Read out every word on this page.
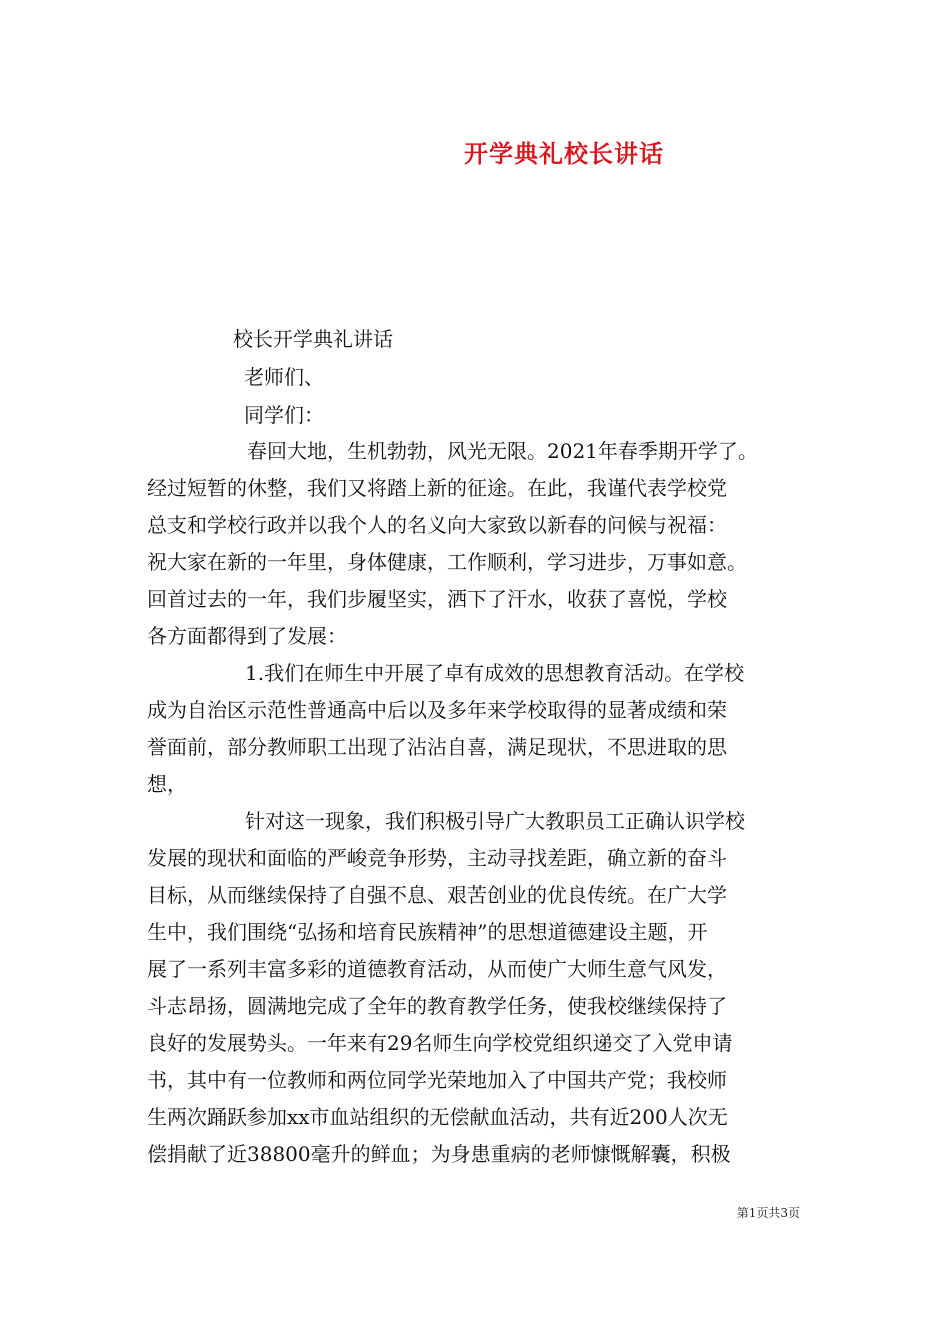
开学典礼校长讲话
校长开学典礼讲话
老师们、
同学们：
春回大地，生机勃勃，风光无限。2021年春季期开学了。
经过短暂的休整，我们又将踏上新的征途。在此，我谨代表学校党
总支和学校行政并以我个人的名义向大家致以新春的问候与祝福：
祝大家在新的一年里，身体健康，工作顺利，学习进步，万事如意。
回首过去的一年，我们步履坚实，洒下了汗水，收获了喜悦，学校
各方面都得到了发展：
1.我们在师生中开展了卓有成效的思想教育活动。在学校
成为自治区示范性普通高中后以及多年来学校取得的显著成绩和荣
誉面前，部分教师职工出现了沾沾自喜，满足现状，不思进取的思
想，
针对这一现象，我们积极引导广大教职员工正确认识学校
发展的现状和面临的严峻竞争形势，主动寻找差距，确立新的奋斗
目标，从而继续保持了自强不息、艰苦创业的优良传统。在广大学
生中，我们围绕“弘扬和培育民族精神”的思想道德建设主题，开
展了一系列丰富多彩的道德教育活动，从而使广大师生意气风发，
斗志昂扬，圆满地完成了全年的教育教学任务，使我校继续保持了
良好的发展势头。一年来有29名师生向学校党组织递交了入党申请
书，其中有一位教师和两位同学光荣地加入了中国共产党；我校师
生两次踊跃参加xx市血站组织的无偿献血活动，共有近200人次无
偿捐献了近38800毫升的鲜血；为身患重病的老师慷慨解囊，积极
第1页共3页
